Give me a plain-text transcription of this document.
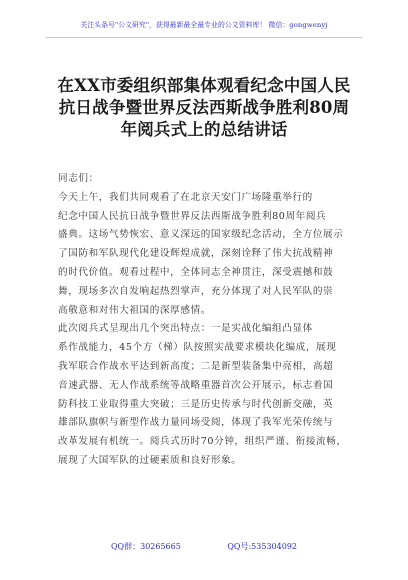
关注头条号"公文研究"，获得最新最全最专业的公文资料库！ 微信：gongwenyj
在XX市委组织部集体观看纪念中国人民
抗日战争暨世界反法西斯战争胜利80周
年阅兵式上的总结讲话
同志们：
今天上午，我们共同观看了在北京天安门广场隆重举行的
纪念中国人民抗日战争暨世界反法西斯战争胜利80周年阅兵
盛典。这场气势恢宏、意义深远的国家级纪念活动，全方位展示
了国防和军队现代化建设辉煌成就，深刻诠释了伟大抗战精神
的时代价值。观看过程中，全体同志全神贯注，深受震撼和鼓
舞，现场多次自发响起热烈掌声，充分体现了对人民军队的崇
高敬意和对伟大祖国的深厚感情。
此次阅兵式呈现出几个突出特点：一是实战化编组凸显体
系作战能力，45个方（梯）队按照实战要求模块化编成，展现
我军联合作战水平达到新高度；二是新型装备集中亮相，高超
音速武器、无人作战系统等战略重器首次公开展示，标志着国
防科技工业取得重大突破；三是历史传承与时代创新交融，英
雄部队旗帜与新型作战力量同场受阅，体现了我军光荣传统与
改革发展有机统一。阅兵式历时70分钟，组织严谨、衔接流畅，
展现了大国军队的过硬素质和良好形象。
QQ群：30265665	QQ号:535304092
